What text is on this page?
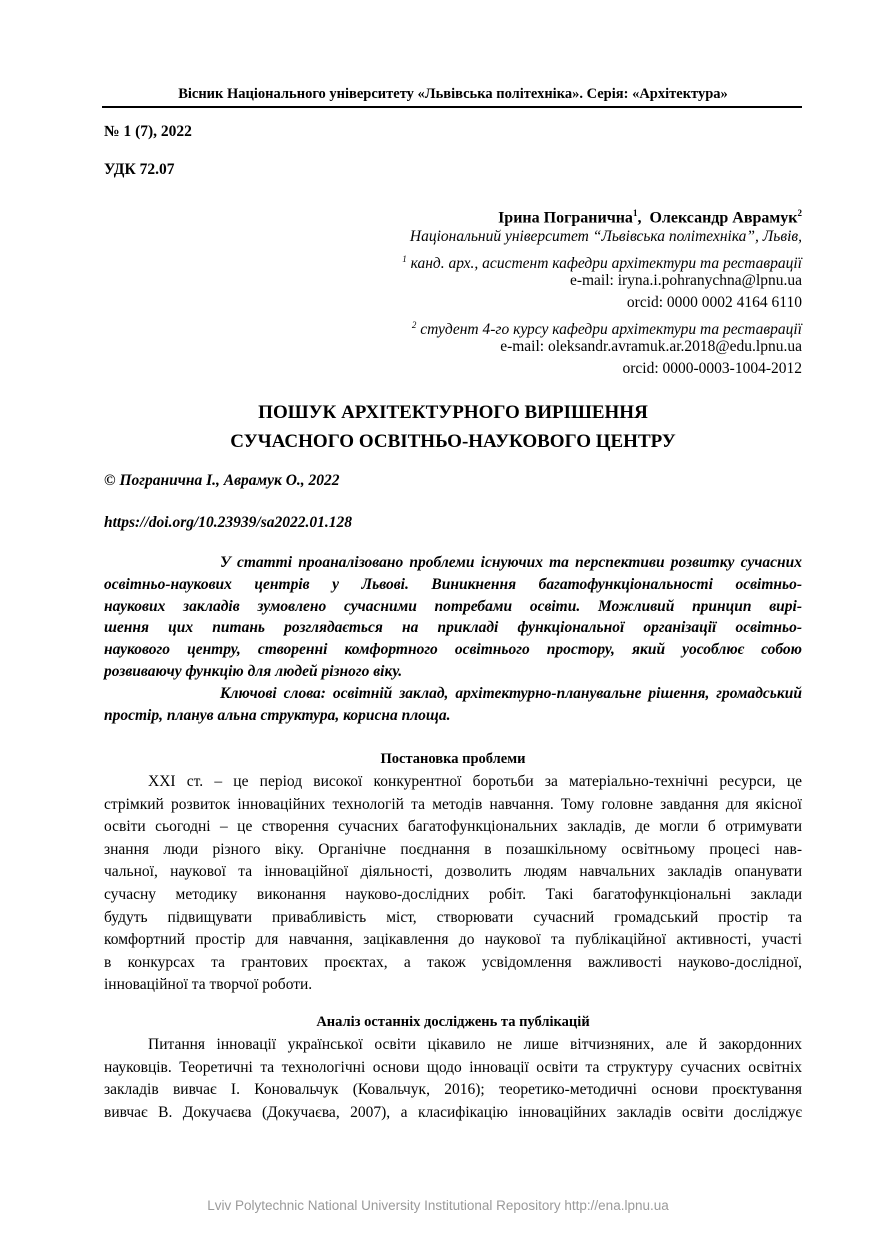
Вісник Національного університету «Львівська політехніка». Серія: «Архітектура»
№ 1 (7), 2022
УДК 72.07
Ірина Погранична$^1$,  Олександр Аврамук$^2$
Національний університет “Львівська політехніка”, Львів,
$^1$ канд. арх., асистент кафедри архітектури та реставрації
e-mail: iryna.i.pohranychna@lpnu.ua
orcid: 0000 0002 4164 6110
$^2$ студент 4-го курсу кафедри архітектури та реставрації
e-mail: oleksandr.avramuk.ar.2018@edu.lpnu.ua
orcid: 0000-0003-1004-2012
ПОШУК АРХІТЕКТУРНОГО ВИРІШЕННЯ
СУЧАСНОГО ОСВІТНЬО-НАУКОВОГО ЦЕНТРУ
© Погранична І., Аврамук О., 2022
https://doi.org/10.23939/sa2022.01.128
У статті проаналізовано проблеми існуючих та перспективи розвитку сучасних
освітньо-наукових центрів у Львові. Виникнення багатофункціональності освітньо-
наукових закладів зумовлено сучасними потребами освіти. Можливий принцип вирі-
шення цих питань розглядається на прикладі функціональної організації освітньо-
наукового центру, створенні комфортного освітнього простору, який уособлює собою
розвиваючу функцію для людей різного віку.
Ключові слова: освітній заклад, архітектурно-планувальне рішення, громадський
простір, планув альна структура, корисна площа.
Постановка проблеми
XXI ст. – це період високої конкурентної боротьби за матеріально-технічні ресурси, це
стрімкий розвиток інноваційних технологій та методів навчання. Тому головне завдання для якісної
освіти сьогодні – це створення сучасних багатофункціональних закладів, де могли б отримувати
знання люди різного віку. Органічне поєднання в позашкільному освітньому процесі нав-
чальної, наукової та інноваційної діяльності, дозволить людям навчальних закладів опанувати
сучасну методику виконання науково-дослідних робіт. Такі багатофункціональні заклади
будуть підвищувати привабливість міст, створювати сучасний громадський простір та
комфортний простір для навчання, зацікавлення до наукової та публікаційної активності, участі
в конкурсах та грантових проєктах, а також усвідомлення важливості науково-дослідної,
інноваційної та творчої роботи.
Аналіз останніх досліджень та публікацій
Питання інновації української освіти цікавило не лише вітчизняних, але й закордонних
науковців. Теоретичні та технологічні основи щодо інновації освіти та структуру сучасних освітніх
закладів вивчає І. Коновальчук (Ковальчук, 2016); теоретико-методичні основи проєктування
вивчає В. Докучаєва (Докучаєва, 2007), а класифікацію інноваційних закладів освіти досліджує
Lviv Polytechnic National University Institutional Repository http://ena.lpnu.ua
